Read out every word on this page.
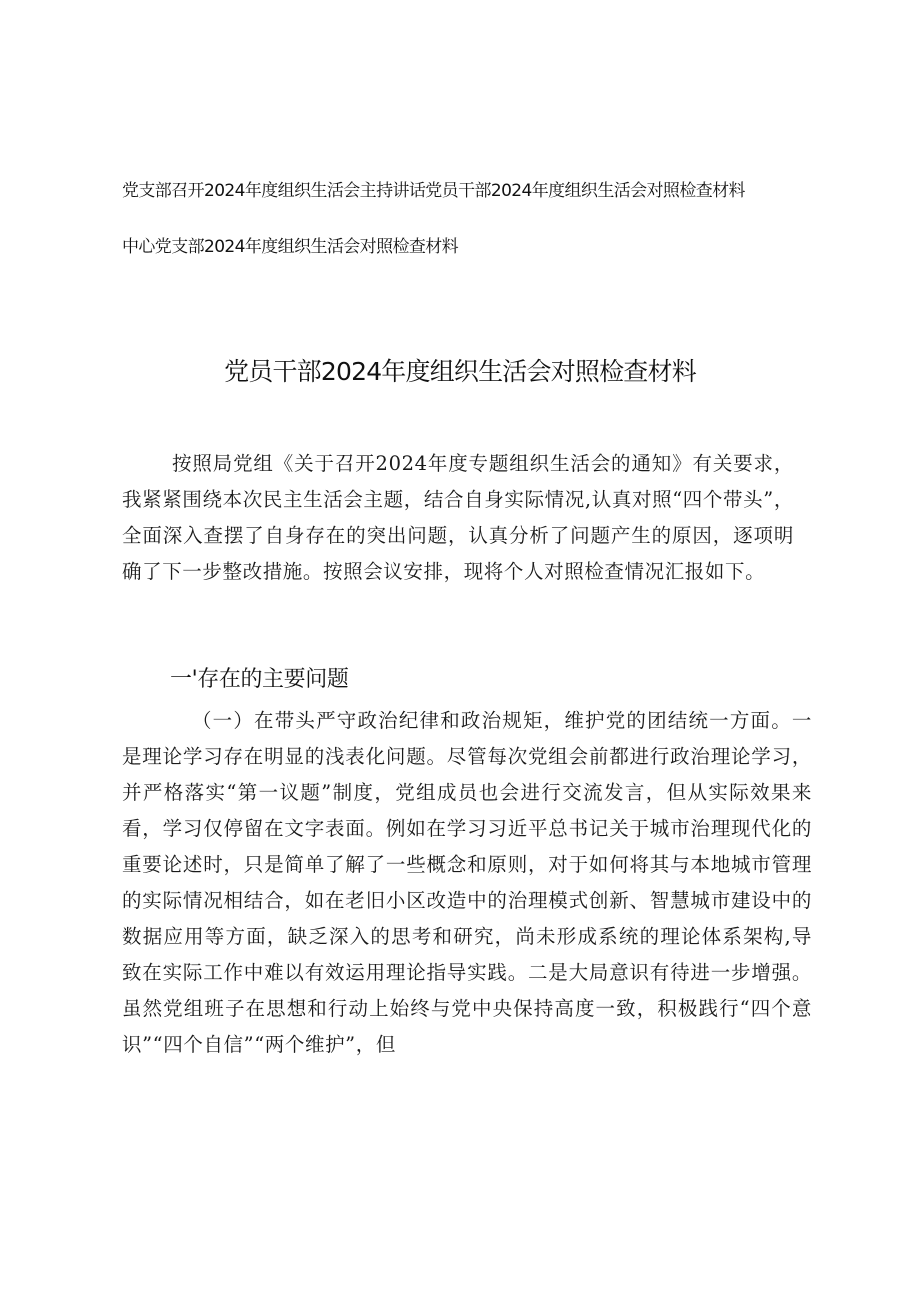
党支部召开2024年度组织生活会主持讲话党员干部2024年度组织生活会对照检查材料
中心党支部2024年度组织生活会对照检查材料
党员干部2024年度组织生活会对照检查材料

按照局党组《关于召开2024年度专题组织生活会的通知》有关要求，我紧紧围绕本次民主生活会主题，结合自身实际情况,认真对照“四个带头”，全面深入查摆了自身存在的突出问题，认真分析了问题产生的原因，逐项明确了下一步整改措施。按照会议安排，现将个人对照检查情况汇报如下。

一'存在的主要问题

（一）在带头严守政治纪律和政治规矩，维护党的团结统一方面。一是理论学习存在明显的浅表化问题。尽管每次党组会前都进行政治理论学习，并严格落实“第一议题”制度，党组成员也会进行交流发言，但从实际效果来看，学习仅停留在文字表面。例如在学习习近平总书记关于城市治理现代化的重要论述时，只是简单了解了一些概念和原则，对于如何将其与本地城市管理的实际情况相结合，如在老旧小区改造中的治理模式创新、智慧城市建设中的数据应用等方面，缺乏深入的思考和研究，尚未形成系统的理论体系架构,导致在实际工作中难以有效运用理论指导实践。二是大局意识有待进一步增强。虽然党组班子在思想和行动上始终与党中央保持高度一致，积极践行“四个意识”“四个自信”“两个维护”，但
